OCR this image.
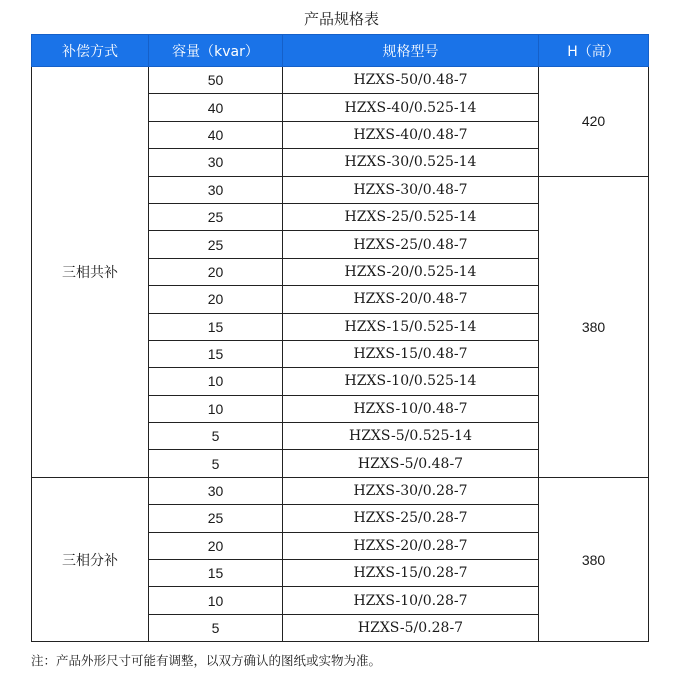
产品规格表
补偿方式	容量（kvar）	规格型号	H（高）
三相共补	50	HZXS-50/0.48-7	420
	40	HZXS-40/0.525-14	
	40	HZXS-40/0.48-7	
	30	HZXS-30/0.525-14	
	30	HZXS-30/0.48-7	380
	25	HZXS-25/0.525-14	
	25	HZXS-25/0.48-7	
	20	HZXS-20/0.525-14	
	20	HZXS-20/0.48-7	
	15	HZXS-15/0.525-14	
	15	HZXS-15/0.48-7	
	10	HZXS-10/0.525-14	
	10	HZXS-10/0.48-7	
	5	HZXS-5/0.525-14	
	5	HZXS-5/0.48-7	
三相分补	30	HZXS-30/0.28-7	380
	25	HZXS-25/0.28-7	
	20	HZXS-20/0.28-7	
	15	HZXS-15/0.28-7	
	10	HZXS-10/0.28-7	
	5	HZXS-5/0.28-7	
注：产品外形尺寸可能有调整，以双方确认的图纸或实物为准。
